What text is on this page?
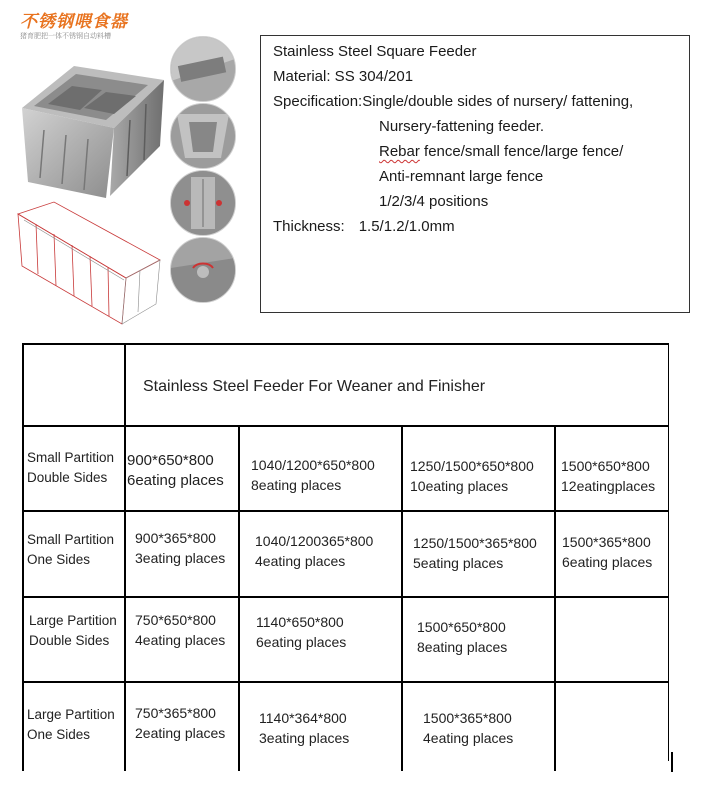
不锈钢喂食器
猪育肥把一体不锈钢自动料槽
Stainless Steel Square Feeder
Material: SS 304/201
Specification:Single/double sides of nursery/ fattening,
Nursery-fattening feeder.
Rebar fence/small fence/large fence/
Anti-remnant large fence
1/2/3/4 positions
Thickness: 1.5/1.2/1.0mm
Stainless Steel Feeder For Weaner and Finisher
Small Partition
Double Sides
900*650*800
6eating places
1040/1200*650*800
8eating places
1250/1500*650*800
10eating places
1500*650*800
12eatingplaces
Small Partition
One Sides
900*365*800
3eating places
1040/1200365*800
4eating places
1250/1500*365*800
5eating places
1500*365*800
6eating places
Large Partition
Double Sides
750*650*800
4eating places
1140*650*800
6eating places
1500*650*800
8eating places
Large Partition
One Sides
750*365*800
2eating places
1140*364*800
3eating places
1500*365*800
4eating places
